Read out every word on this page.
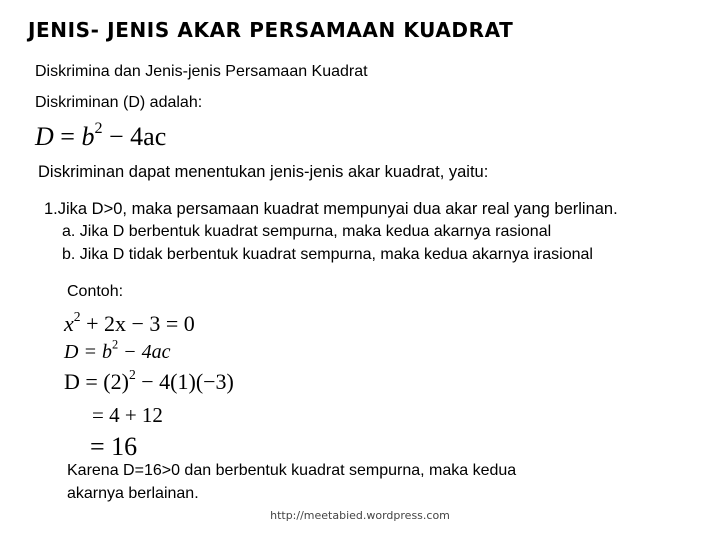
JENIS- JENIS AKAR PERSAMAAN KUADRAT
Diskrimina dan Jenis-jenis Persamaan Kuadrat
Diskriminan (D) adalah:
$D = b^2 - 4ac$
Diskriminan dapat menentukan jenis-jenis akar kuadrat, yaitu:
1.Jika D>0, maka persamaan kuadrat mempunyai dua akar real yang berlinan.
a. Jika D berbentuk kuadrat sempurna, maka kedua akarnya rasional
b. Jika D tidak berbentuk kuadrat sempurna, maka kedua akarnya irasional
Contoh:
$x^2 + 2x - 3 = 0$
$D = b^2 - 4ac$
$D = (2)^2 - 4(1)(-3)$
= 4 + 12
= 16
Karena D=16>0 dan berbentuk kuadrat sempurna, maka kedua
akarnya berlainan.
http://meetabied.wordpress.com
